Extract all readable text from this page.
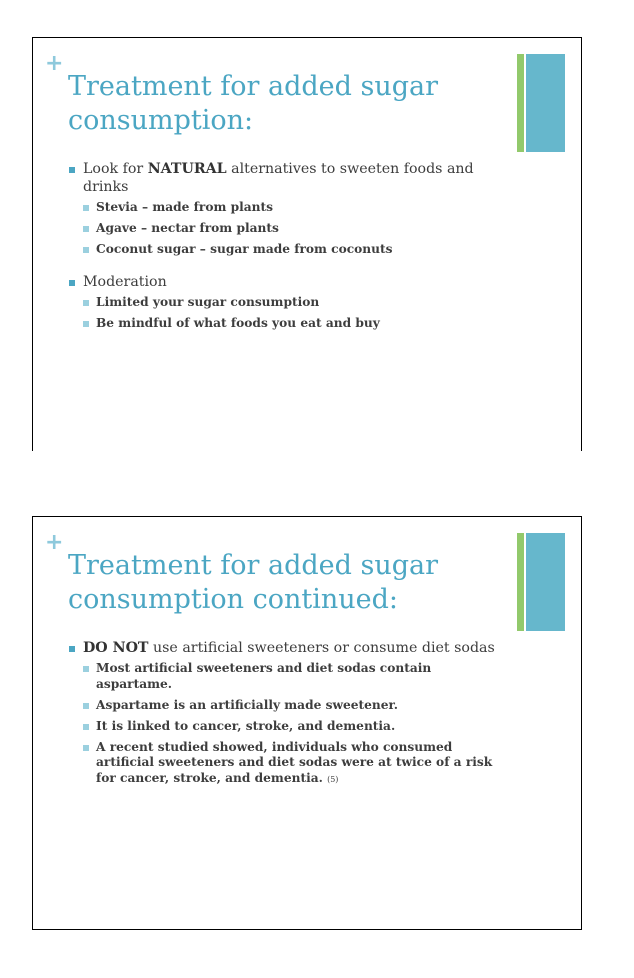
+
Treatment for added sugar consumption:
Look for NATURAL alternatives to sweeten foods and drinks
Stevia – made from plants
Agave – nectar from plants
Coconut sugar – sugar made from coconuts
Moderation
Limited your sugar consumption
Be mindful of what foods you eat and buy
+
Treatment for added sugar consumption continued:
DO NOT use artificial sweeteners or consume diet sodas
Most artificial sweeteners and diet sodas contain aspartame.
Aspartame is an artificially made sweetener.
It is linked to cancer, stroke, and dementia.
A recent studied showed, individuals who consumed artificial sweeteners and diet sodas were at twice of a risk for cancer, stroke, and dementia. (5)
